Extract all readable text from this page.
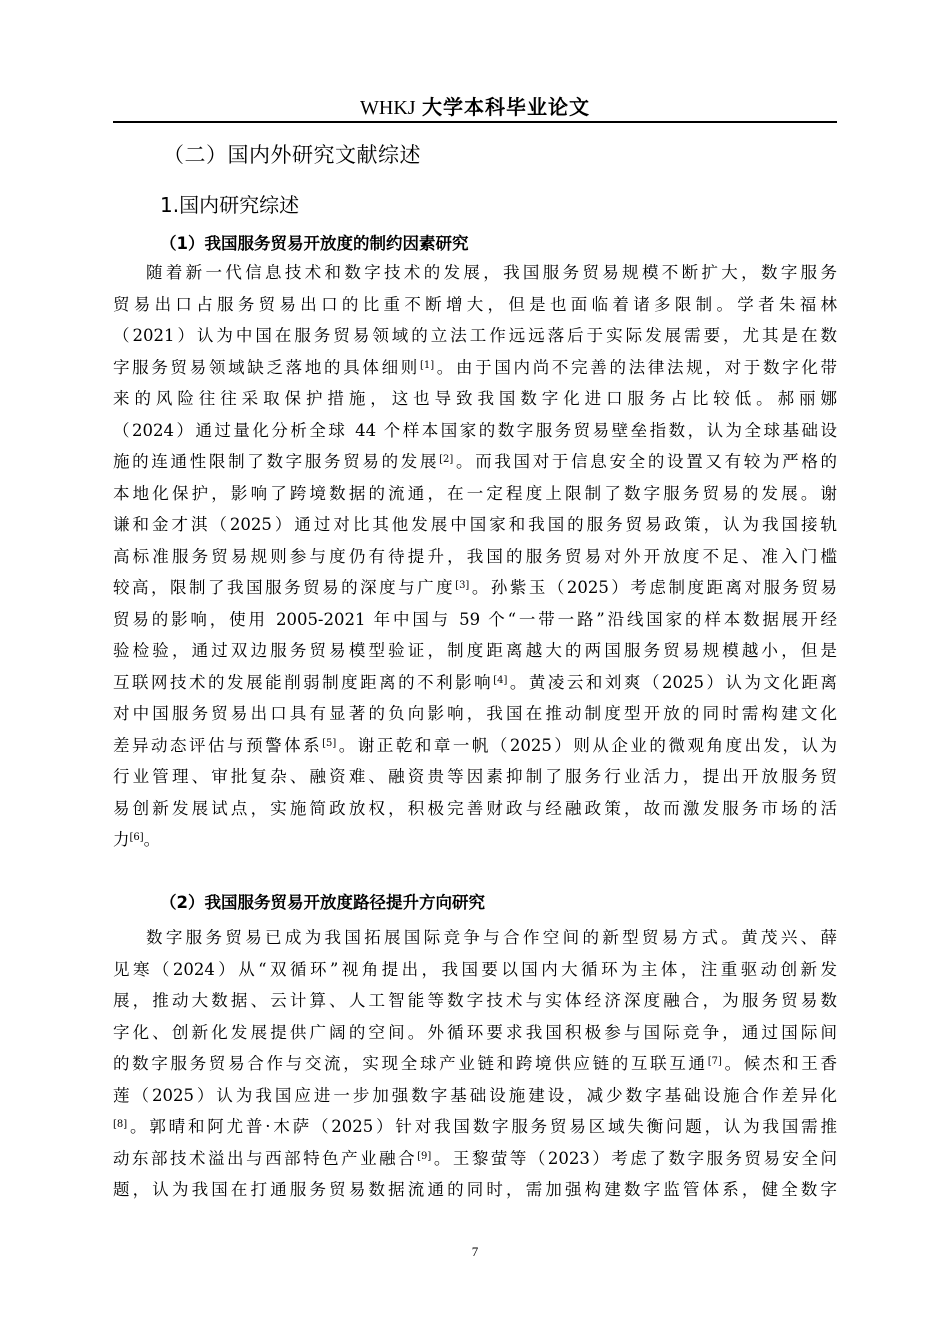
WHKJ 大学本科毕业论文
（二）国内外研究文献综述
1.国内研究综述
（1）我国服务贸易开放度的制约因素研究
随着新一代信息技术和数字技术的发展，我国服务贸易规模不断扩大，数字服务
贸易出口占服务贸易出口的比重不断增大，但是也面临着诸多限制。学者朱福林
（2021）认为中国在服务贸易领域的立法工作远远落后于实际发展需要，尤其是在数
字服务贸易领域缺乏落地的具体细则[1]。由于国内尚不完善的法律法规，对于数字化带
来的风险往往采取保护措施，这也导致我国数字化进口服务占比较低。郝丽娜
（2024）通过量化分析全球 44 个样本国家的数字服务贸易壁垒指数，认为全球基础设
施的连通性限制了数字服务贸易的发展[2]。而我国对于信息安全的设置又有较为严格的
本地化保护，影响了跨境数据的流通，在一定程度上限制了数字服务贸易的发展。谢
谦和金才淇（2025）通过对比其他发展中国家和我国的服务贸易政策，认为我国接轨
高标准服务贸易规则参与度仍有待提升，我国的服务贸易对外开放度不足、准入门槛
较高，限制了我国服务贸易的深度与广度[3]。孙紫玉（2025）考虑制度距离对服务贸易
贸易的影响，使用 2005-2021 年中国与 59 个“一带一路”沿线国家的样本数据展开经
验检验，通过双边服务贸易模型验证，制度距离越大的两国服务贸易规模越小，但是
互联网技术的发展能削弱制度距离的不利影响[4]。黄凌云和刘爽（2025）认为文化距离
对中国服务贸易出口具有显著的负向影响，我国在推动制度型开放的同时需构建文化
差异动态评估与预警体系[5]。谢正乾和章一帆（2025）则从企业的微观角度出发，认为
行业管理、审批复杂、融资难、融资贵等因素抑制了服务行业活力，提出开放服务贸
易创新发展试点，实施简政放权，积极完善财政与经融政策，故而激发服务市场的活
力[6]。
（2）我国服务贸易开放度路径提升方向研究
数字服务贸易已成为我国拓展国际竞争与合作空间的新型贸易方式。黄茂兴、薛
见寒（2024）从“双循环”视角提出，我国要以国内大循环为主体，注重驱动创新发
展，推动大数据、云计算、人工智能等数字技术与实体经济深度融合，为服务贸易数
字化、创新化发展提供广阔的空间。外循环要求我国积极参与国际竞争，通过国际间
的数字服务贸易合作与交流，实现全球产业链和跨境供应链的互联互通[7]。候杰和王香
莲（2025）认为我国应进一步加强数字基础设施建设，减少数字基础设施合作差异化
[8]。郭晴和阿尤普·木萨（2025）针对我国数字服务贸易区域失衡问题，认为我国需推
动东部技术溢出与西部特色产业融合[9]。王黎萤等（2023）考虑了数字服务贸易安全问
题，认为我国在打通服务贸易数据流通的同时，需加强构建数字监管体系，健全数字
7
